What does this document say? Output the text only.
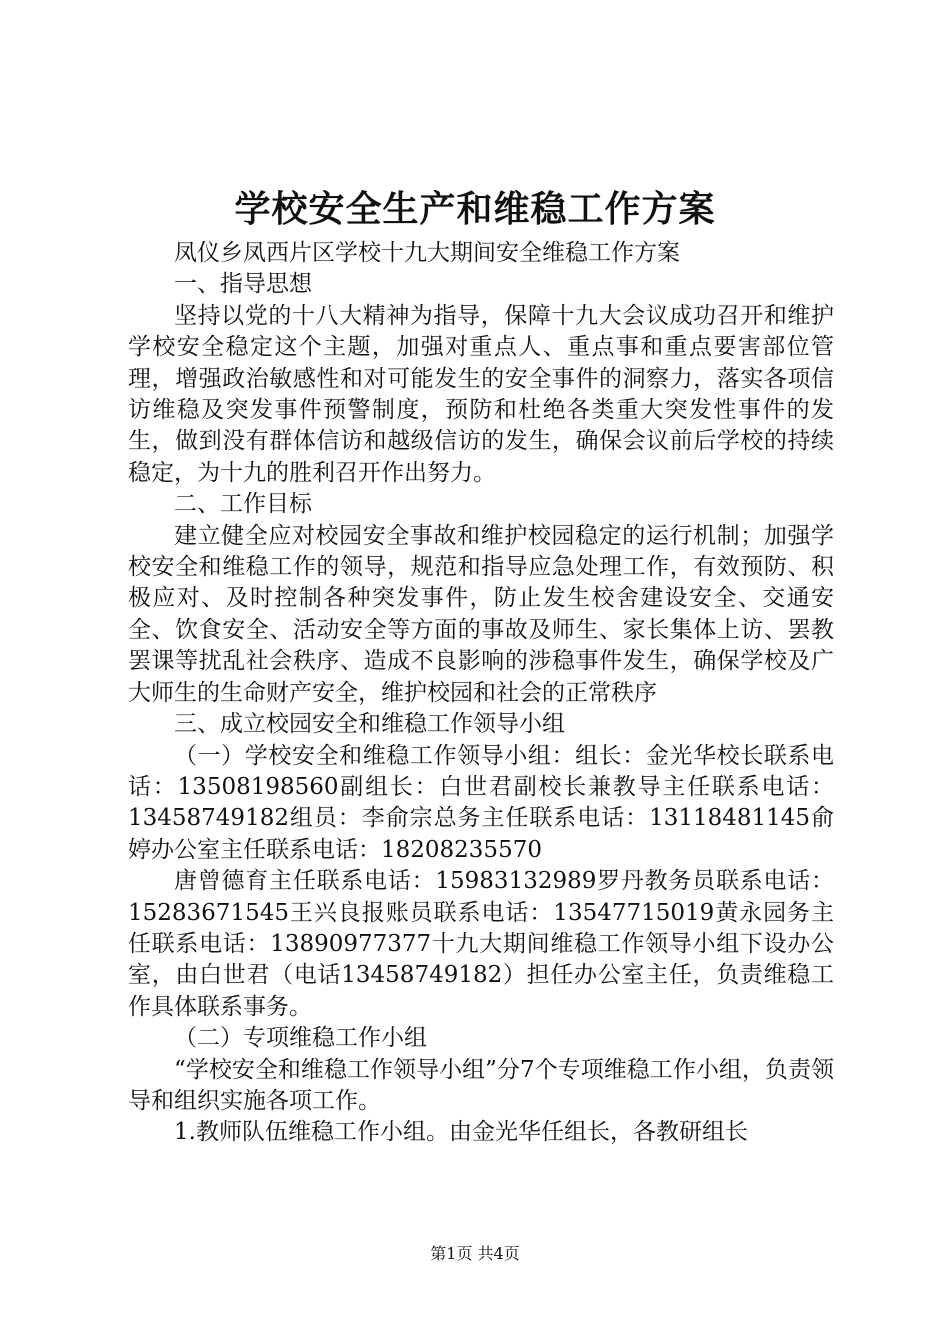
学校安全生产和维稳工作方案

凤仪乡凤西片区学校十九大期间安全维稳工作方案

一、指导思想

坚持以党的十八大精神为指导，保障十九大会议成功召开和维护学校安全稳定这个主题，加强对重点人、重点事和重点要害部位管理，增强政治敏感性和对可能发生的安全事件的洞察力，落实各项信访维稳及突发事件预警制度，预防和杜绝各类重大突发性事件的发生，做到没有群体信访和越级信访的发生，确保会议前后学校的持续稳定，为十九的胜利召开作出努力。

二、工作目标

建立健全应对校园安全事故和维护校园稳定的运行机制；加强学校安全和维稳工作的领导，规范和指导应急处理工作，有效预防、积极应对、及时控制各种突发事件，防止发生校舍建设安全、交通安全、饮食安全、活动安全等方面的事故及师生、家长集体上访、罢教罢课等扰乱社会秩序、造成不良影响的涉稳事件发生，确保学校及广大师生的生命财产安全，维护校园和社会的正常秩序

三、成立校园安全和维稳工作领导小组

（一）学校安全和维稳工作领导小组：组长：金光华校长联系电话：13508198560副组长：白世君副校长兼教导主任联系电话：13458749182组员：李俞宗总务主任联系电话：13118481145俞婷办公室主任联系电话：18208235570

唐曾德育主任联系电话：15983132989罗丹教务员联系电话：15283671545王兴良报账员联系电话：13547715019黄永园务主任联系电话：13890977377十九大期间维稳工作领导小组下设办公室，由白世君（电话13458749182）担任办公室主任，负责维稳工作具体联系事务。

（二）专项维稳工作小组

“学校安全和维稳工作领导小组”分7个专项维稳工作小组，负责领导和组织实施各项工作。

1.教师队伍维稳工作小组。由金光华任组长，各教研组长

第1页 共4页
